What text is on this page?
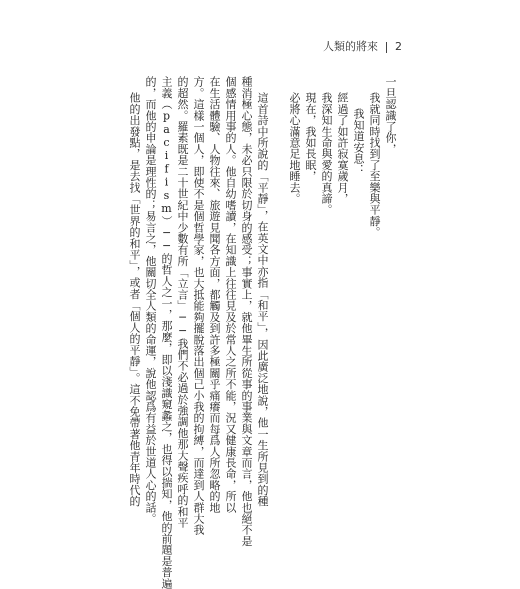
人類的將來 2
一旦認識了你，
我就同時找到了至樂與平靜。
我知道安息：
經過了如許寂寞歲月，
我深知生命與愛的真諦。
現在，我如長眠，
必將心滿意足地睡去。
這首詩中所說的「平靜」，在英文中亦指「和平」，因此廣泛地說，他一生所見到的種
種消極心態，未必只限於切身的感受；事實上，就他畢生所從事的事業與文章而言，他也絕不是
個感情用事的人。他自幼嗜讀，在知識上往往見及於常人之所不能，況又健康長命，所以
在生活體驗、人物往來、旅遊見聞各方面，都觸及到許多極關乎痛癢而每爲人所忽略的地
方。這樣一個人，即使不是個哲學家，也大抵能夠擺脫落出個己小我的拘縛，而達到人群大我
的超然。羅素既是二十世紀中少數有所「立言」──我們不必過於強調他那大聲疾呼的和平
主義（pacifism）──的哲人之一，那麼，即以淺識窺蠡之，也得以揣知，他的前題是普遍
的，而他的申論是理性的；易言之，他關切全人類的命運，說他認爲有益於世道人心的話。
他的出發點，是去找「世界的和平」，或者「個人的平靜」。這不免帶著他青年時代的
